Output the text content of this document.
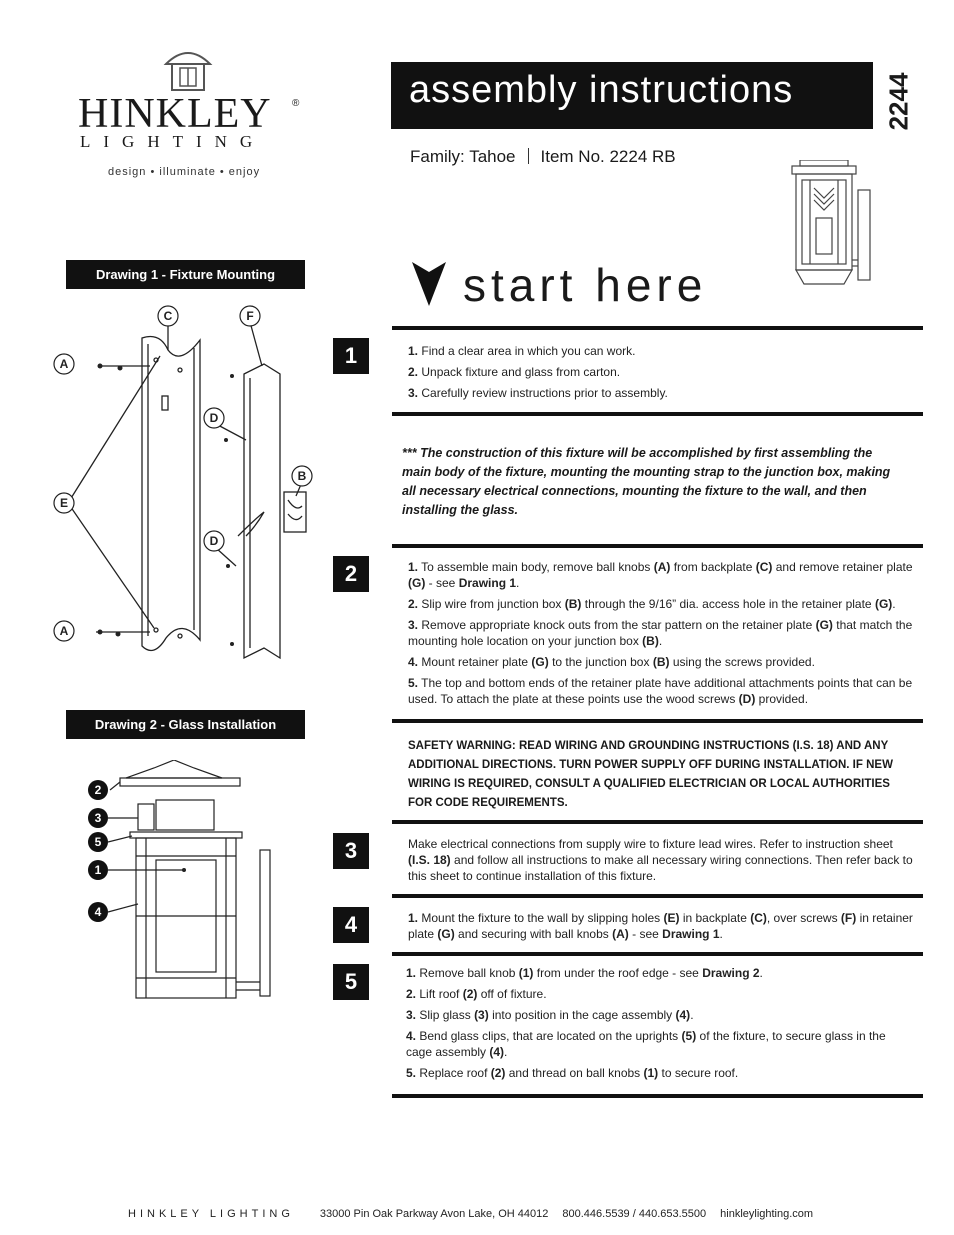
HINKLEY ®
LIGHTING
design • illuminate • enjoy
assembly instructions	2244
Family: Tahoe Item No. 2224 RB
start here
Drawing 1 - Fixture Mounting
A
C	F
D
B
E
D
A
Drawing 2 - Glass Installation
2
3
5
1
4
1	1. Find a clear area in which you can work.

2. Unpack fixture and glass from carton.

3. Carefully review instructions prior to assembly.

*** The construction of this fixture will be accomplished by first assembling the main body of the fixture, mounting the mounting strap to the junction box, making all necessary electrical connections, mounting the fixture to the wall, and then installing the glass.
2	1. To assemble main body, remove ball knobs (A) from backplate (C) and remove retainer plate (G) - see Drawing 1.

2. Slip wire from junction box (B) through the 9/16” dia. access hole in the retainer plate (G).

3. Remove appropriate knock outs from the star pattern on the retainer plate (G) that match the mounting hole location on your junction box (B).

4. Mount retainer plate (G) to the junction box (B) using the screws provided.

5. The top and bottom ends of the retainer plate have additional attachments points that can be used. To attach the plate at these points use the wood screws (D) provided.

SAFETY WARNING: READ WIRING AND GROUNDING INSTRUCTIONS (I.S. 18) AND ANY ADDITIONAL DIRECTIONS. TURN POWER SUPPLY OFF DURING INSTALLATION. IF NEW WIRING IS REQUIRED, CONSULT A QUALIFIED ELECTRICIAN OR LOCAL AUTHORITIES FOR CODE REQUIREMENTS.
3	Make electrical connections from supply wire to fixture lead wires. Refer to instruction sheet (I.S. 18) and follow all instructions to make all necessary wiring connections. Then refer back to this sheet to continue installation of this fixture.

4	1. Mount the fixture to the wall by slipping holes (E) in backplate (C), over screws (F) in retainer plate (G) and securing with ball knobs (A) - see Drawing 1.

5	1. Remove ball knob (1) from under the roof edge - see Drawing 2.

2. Lift roof (2) off of fixture.

3. Slip glass (3) into position in the cage assembly (4).

4. Bend glass clips, that are located on the uprights (5) of the fixture, to secure glass in the cage assembly (4).

5. Replace roof (2) and thread on ball knobs (1) to secure roof.

HINKLEY LIGHTING 33000 Pin Oak Parkway Avon Lake, OH 44012 800.446.5539 / 440.653.5500 hinkleylighting.com
